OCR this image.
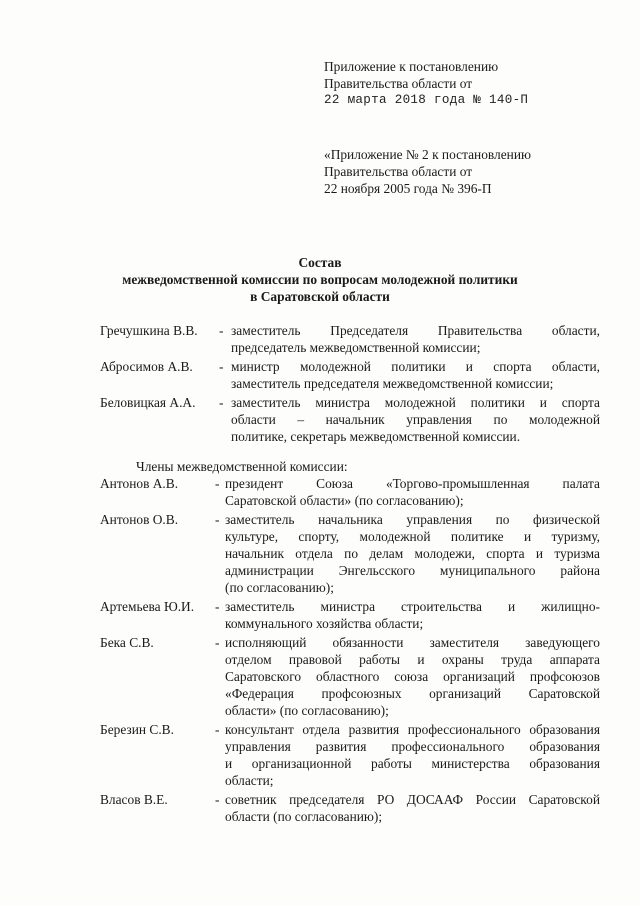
Приложение к постановлению
Правительства области от
22 марта 2018 года № 140-П
«Приложение № 2 к постановлению
Правительства области от
22 ноября 2005 года № 396-П
Состав
межведомственной комиссии по вопросам молодежной политики
в Саратовской области
Гречушкина В.В. - заместитель Председателя Правительства области,
председатель межведомственной комиссии;
Абросимов А.В. - министр молодежной политики и спорта области,
заместитель председателя межведомственной комиссии;
Беловицкая А.А. - заместитель министра молодежной политики и спорта
области – начальник управления по молодежной
политике, секретарь межведомственной комиссии.
Члены межведомственной комиссии:
Антонов А.В.	- президент Союза «Торгово-промышленная палата
Саратовской области» (по согласованию);
Антонов О.В.	- заместитель начальника управления по физической
культуре, спорту, молодежной политике и туризму,
начальник отдела по делам молодежи, спорта и туризма
администрации Энгельсского муниципального района
(по согласованию);
Артемьева Ю.И. - заместитель министра строительства и жилищно-
коммунального хозяйства области;
Бека С.В.	- исполняющий обязанности заместителя заведующего
отделом правовой работы и охраны труда аппарата
Саратовского областного союза организаций профсоюзов
«Федерация профсоюзных организаций Саратовской
области» (по согласованию);
Березин С.В.	- консультант отдела развития профессионального образования
управления развития профессионального образования
и организационной работы министерства образования
области;
Власов В.Е.	- советник председателя РО ДОСААФ России Саратовской
области (по согласованию);
